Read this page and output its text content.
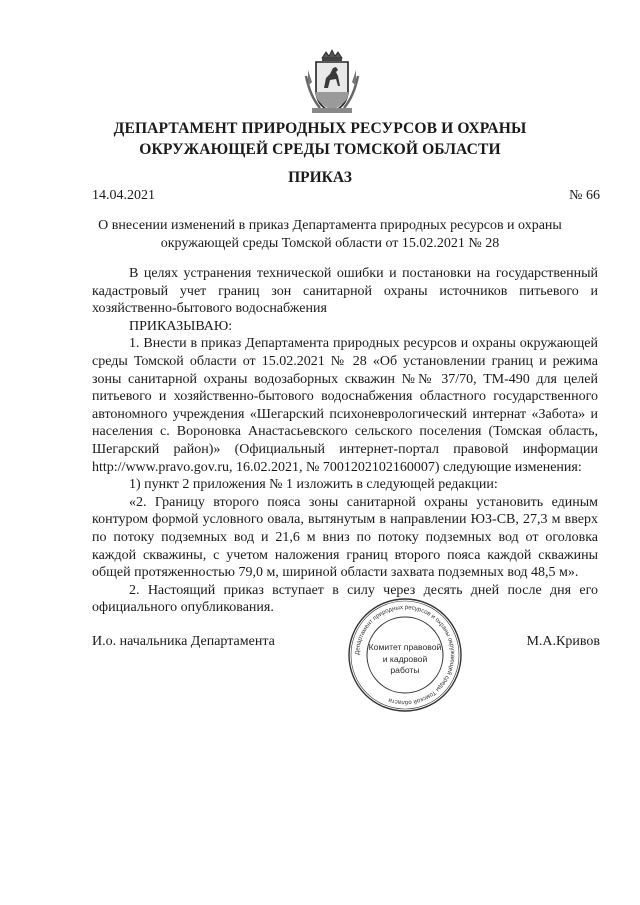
ДЕПАРТАМЕНТ ПРИРОДНЫХ РЕСУРСОВ И ОХРАНЫ
ОКРУЖАЮЩЕЙ СРЕДЫ ТОМСКОЙ ОБЛАСТИ
ПРИКАЗ
14.04.2021	№ 66
О внесении изменений в приказ Департамента природных ресурсов и охраны
окружающей среды Томской области от 15.02.2021 № 28

В целях устранения технической ошибки и постановки на государственный кадастровый учет границ зон санитарной охраны источников питьевого и хозяйственно-бытового водоснабжения

ПРИКАЗЫВАЮ:

1. Внести в приказ Департамента природных ресурсов и охраны окружающей среды Томской области от 15.02.2021 № 28 «Об установлении границ и режима зоны санитарной охраны водозаборных скважин №№ 37/70, ТМ-490 для целей питьевого и хозяйственно-бытового водоснабжения областного государственного автономного учреждения «Шегарский психоневрологический интернат «Забота» и населения с. Вороновка Анастасьевского сельского поселения (Томская область, Шегарский район)» (Официальный интернет-портал правовой информации http://www.pravo.gov.ru, 16.02.2021, № 7001202102160007) следующие изменения:

1) пункт 2 приложения № 1 изложить в следующей редакции:

«2. Границу второго пояса зоны санитарной охраны установить единым контуром формой условного овала, вытянутым в направлении ЮЗ-СВ, 27,3 м вверх по потоку подземных вод и 21,6 м вниз по потоку подземных вод от оголовка каждой скважины, с учетом наложения границ второго пояса каждой скважины общей протяженностью 79,0 м, шириной области захвата подземных вод 48,5 м».

2. Настоящий приказ вступает в силу через десять дней после дня его официального опубликования.

И.о. начальника Департамента	М.А.Кривов
Департамент природных ресурсов и охраны окружающей среды Томской области
Комитет правовой
и кадровой
работы
